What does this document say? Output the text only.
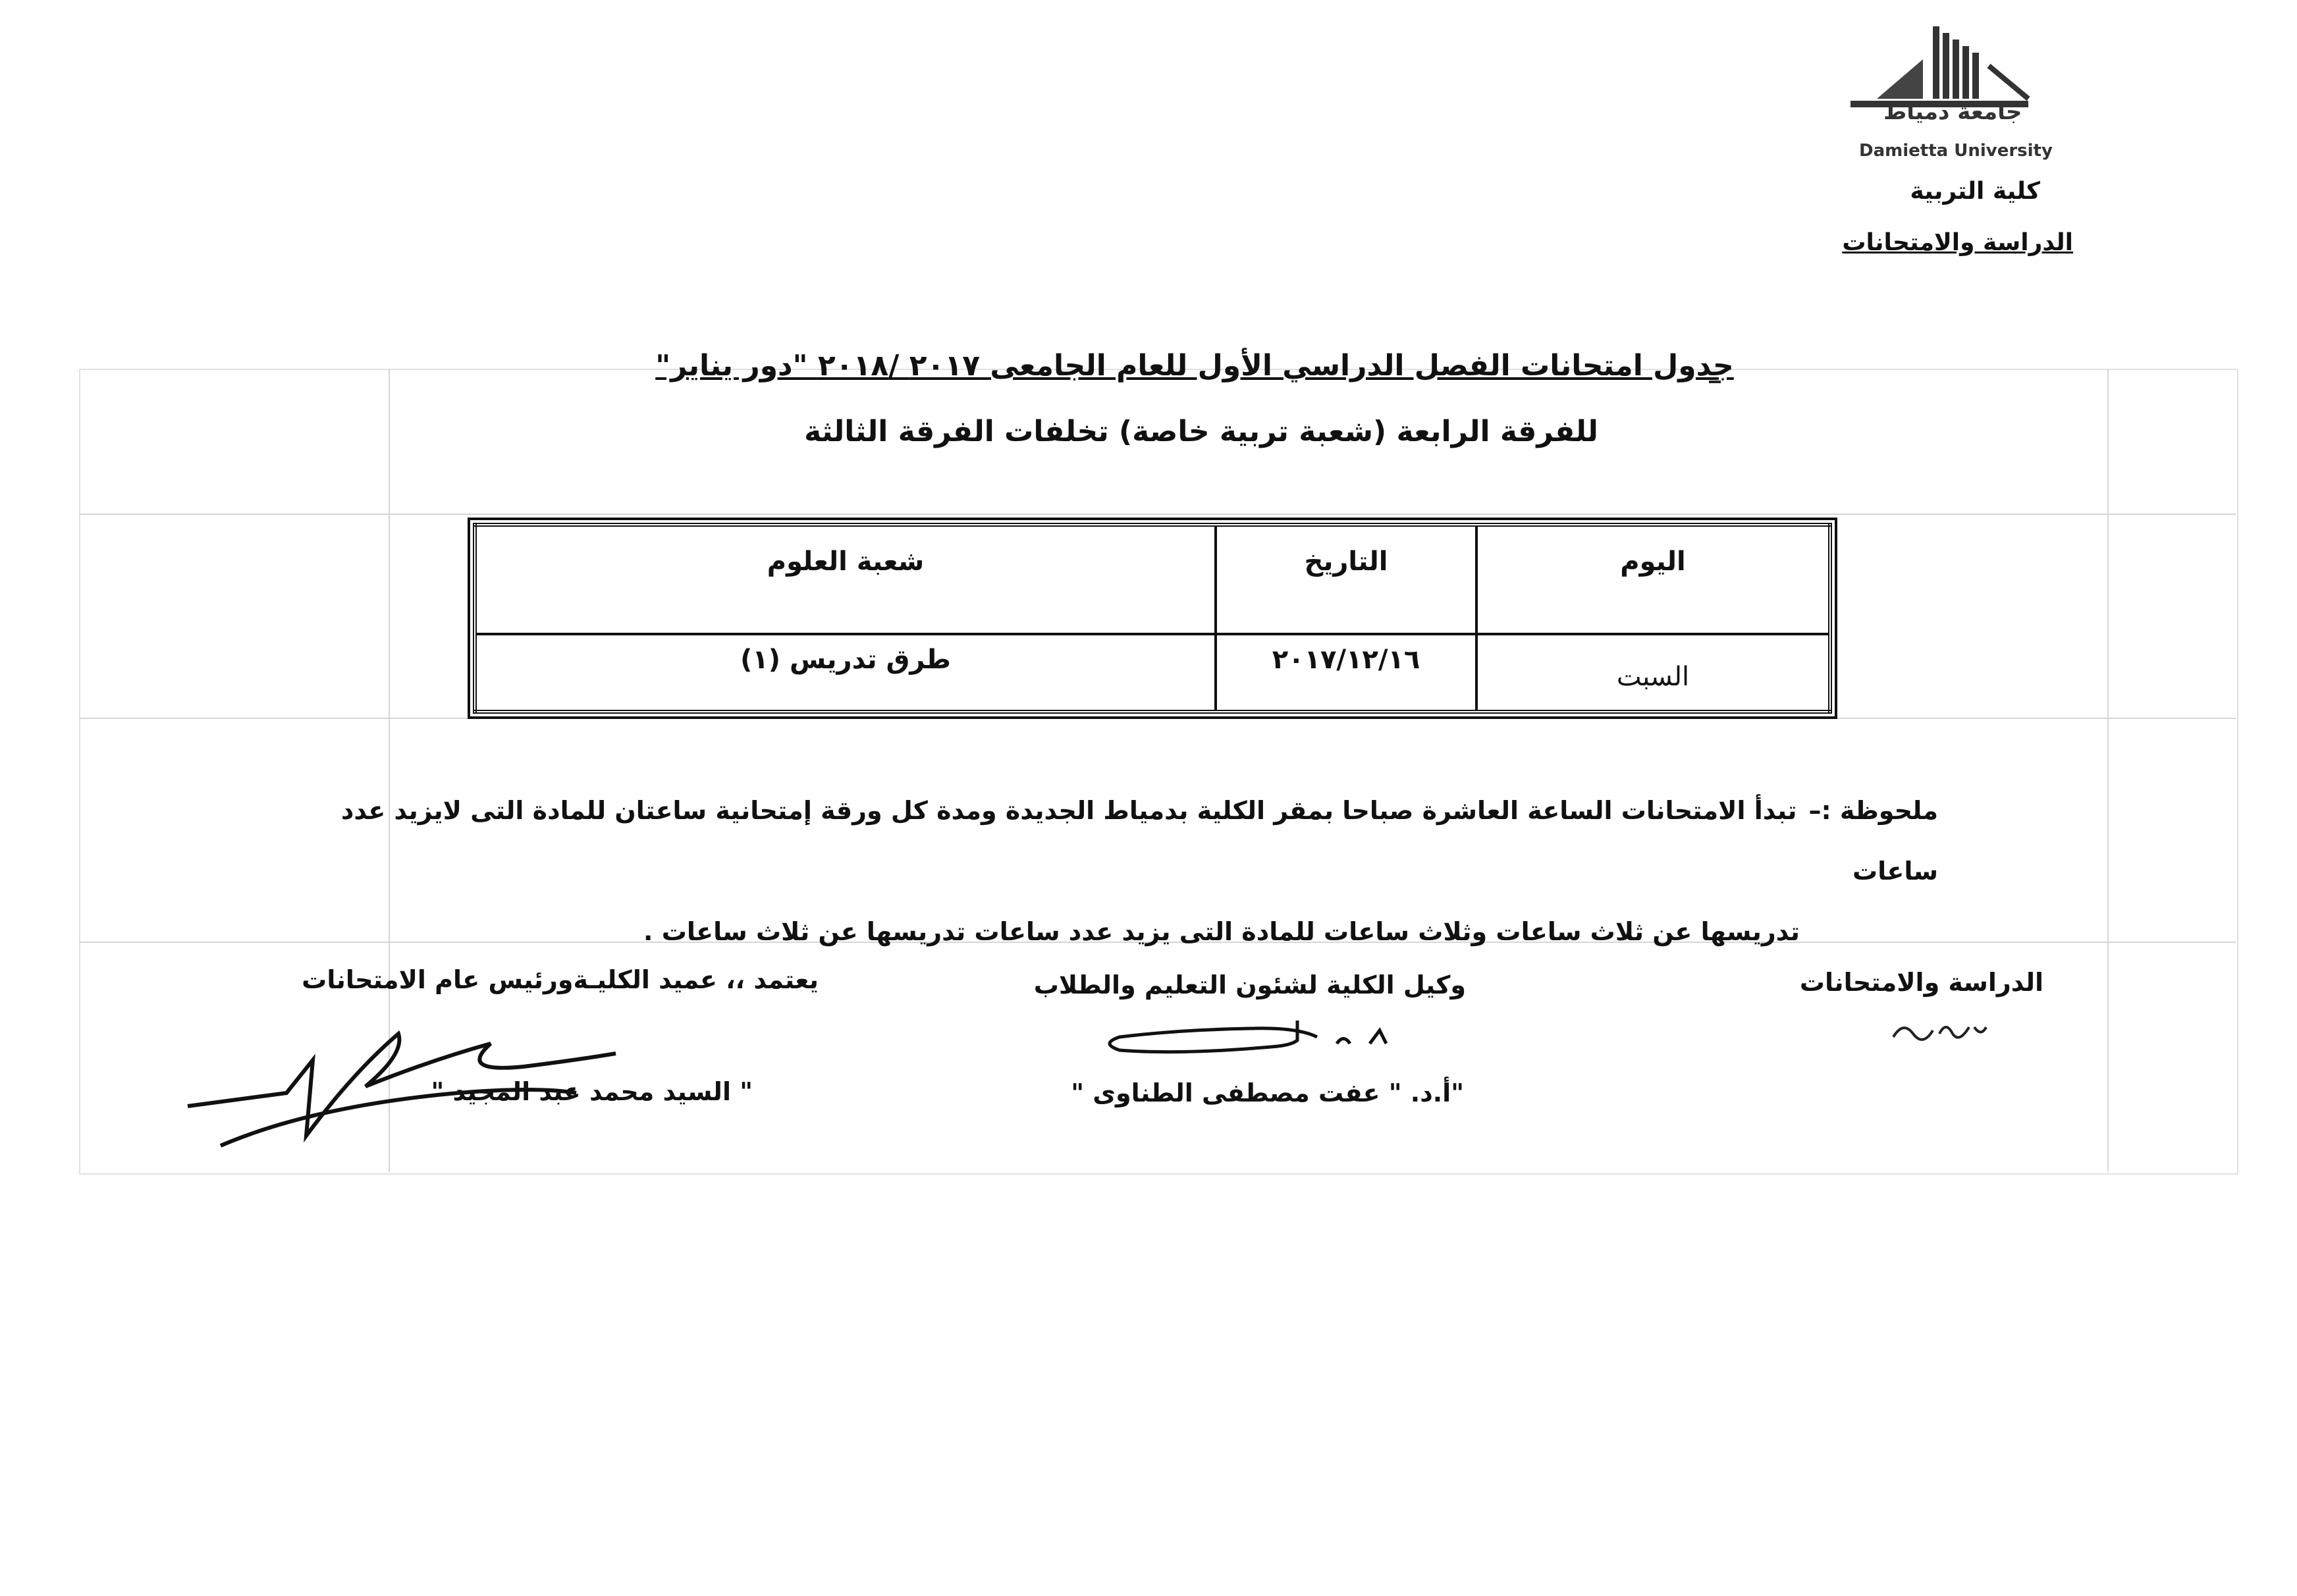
جامعة دمياط
Damietta University
كلية التربية
الدراسة والامتحانات
جدول امتحانات الفصل الدراسي الأول للعام الجامعى ٢٠١٧ /٢٠١٨ "دور يناير"
للفرقة الرابعة (شعبة تربية خاصة) تخلفات الفرقة الثالثة
اليوم	التاريخ	شعبة العلوم
السبت	٢٠١٧/١٢/١٦	طرق تدريس (١)
ملحوظة :–تبدأ الامتحانات الساعة العاشرة صباحا بمقر الكلية بدمياط الجديدة ومدة كل ورقة إمتحانية ساعتان للمادة التى لايزيد عدد ساعات
تدريسها عن ثلاث ساعات وثلاث ساعات للمادة التى يزيد عدد ساعات تدريسها عن ثلاث ساعات .
الدراسة والامتحانات
وكيل الكلية لشئون التعليم والطلاب
"أ.د. " عفت مصطفى الطناوى "
يعتمد ،، عميد الكليـةورئيس عام الامتحانات
" السيد محمد عبد المجيد "
